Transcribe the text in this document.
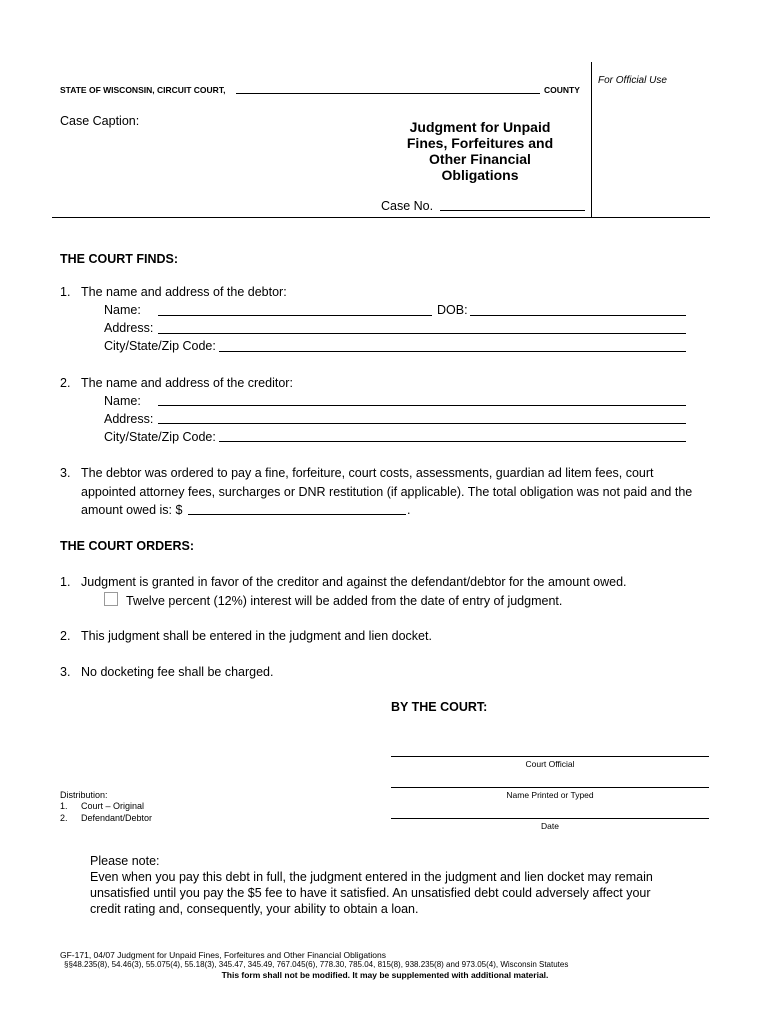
STATE OF WISCONSIN, CIRCUIT COURT,	COUNTY
For Official Use
Case Caption:	Judgment for Unpaid
Fines, Forfeitures and
Other Financial
Obligations
Case No.
THE COURT FINDS:
1. The name and address of the debtor:
Name:	DOB:
Address:
City/State/Zip Code:
2. The name and address of the creditor:
Name:
Address:
City/State/Zip Code:
3. The debtor was ordered to pay a fine, forfeiture, court costs, assessments, guardian ad litem fees, court
appointed attorney fees, surcharges or DNR restitution (if applicable). The total obligation was not paid and the
amount owed is: $	.
THE COURT ORDERS:
1. Judgment is granted in favor of the creditor and against the defendant/debtor for the amount owed.
Twelve percent (12%) interest will be added from the date of entry of judgment.
2. This judgment shall be entered in the judgment and lien docket.
3. No docketing fee shall be charged.
BY THE COURT:
Court Official
Name Printed or Typed
Date
Distribution:
1. Court – Original
2. Defendant/Debtor
Please note:
Even when you pay this debt in full, the judgment entered in the judgment and lien docket may remain
unsatisfied until you pay the $5 fee to have it satisfied. An unsatisfied debt could adversely affect your
credit rating and, consequently, your ability to obtain a loan.
GF-171, 04/07 Judgment for Unpaid Fines, Forfeitures and Other Financial Obligations
§§48.235(8), 54.46(3), 55.075(4), 55.18(3), 345.47, 345.49, 767.045(6), 778.30, 785.04, 815(8), 938.235(8) and 973.05(4), Wisconsin Statutes
This form shall not be modified. It may be supplemented with additional material.
